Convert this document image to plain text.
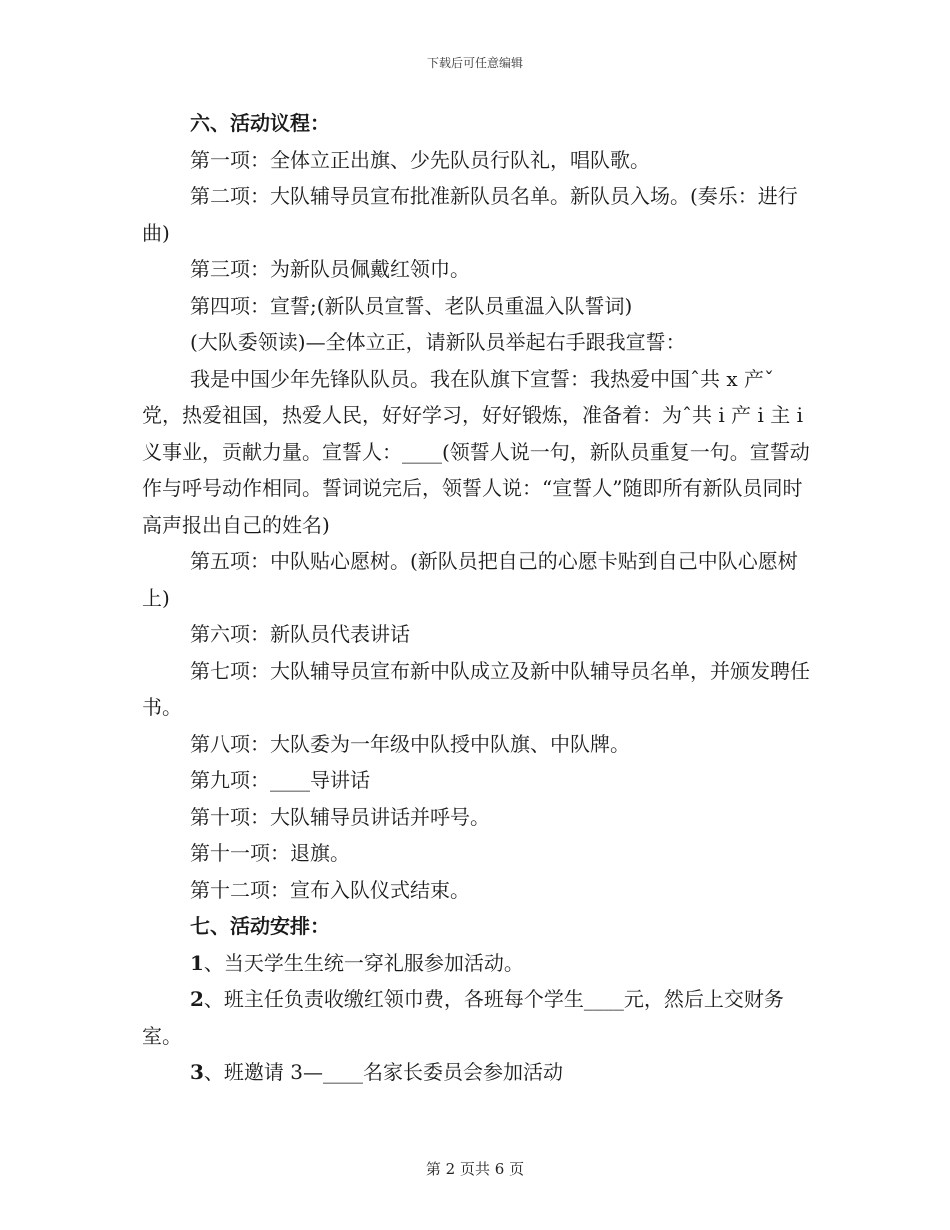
下载后可任意编辑

六、活动议程：

第一项：全体立正出旗、少先队员行队礼，唱队歌。

第二项：大队辅导员宣布批准新队员名单。新队员入场。(奏乐：进行曲)

第三项：为新队员佩戴红领巾。

第四项：宣誓;(新队员宣誓、老队员重温入队誓词)

(大队委领读)—全体立正，请新队员举起右手跟我宣誓：

我是中国少年先锋队队员。我在队旗下宣誓：我热爱中国ˆ共 x 产ˇ党，热爱祖国，热爱人民，好好学习，好好锻炼，准备着：为ˆ共 i 产 i 主 i 义事业，贡献力量。宣誓人：____(领誓人说一句，新队员重复一句。宣誓动作与呼号动作相同。誓词说完后，领誓人说：“宣誓人”随即所有新队员同时高声报出自己的姓名)

第五项：中队贴心愿树。(新队员把自己的心愿卡贴到自己中队心愿树上)

第六项：新队员代表讲话

第七项：大队辅导员宣布新中队成立及新中队辅导员名单，并颁发聘任书。

第八项：大队委为一年级中队授中队旗、中队牌。

第九项：____导讲话

第十项：大队辅导员讲话并呼号。

第十一项：退旗。

第十二项：宣布入队仪式结束。

七、活动安排：

1、当天学生生统一穿礼服参加活动。

2、班主任负责收缴红领巾费，各班每个学生____元，然后上交财务室。

3、班邀请 3—____名家长委员会参加活动

第 2 页共 6 页
